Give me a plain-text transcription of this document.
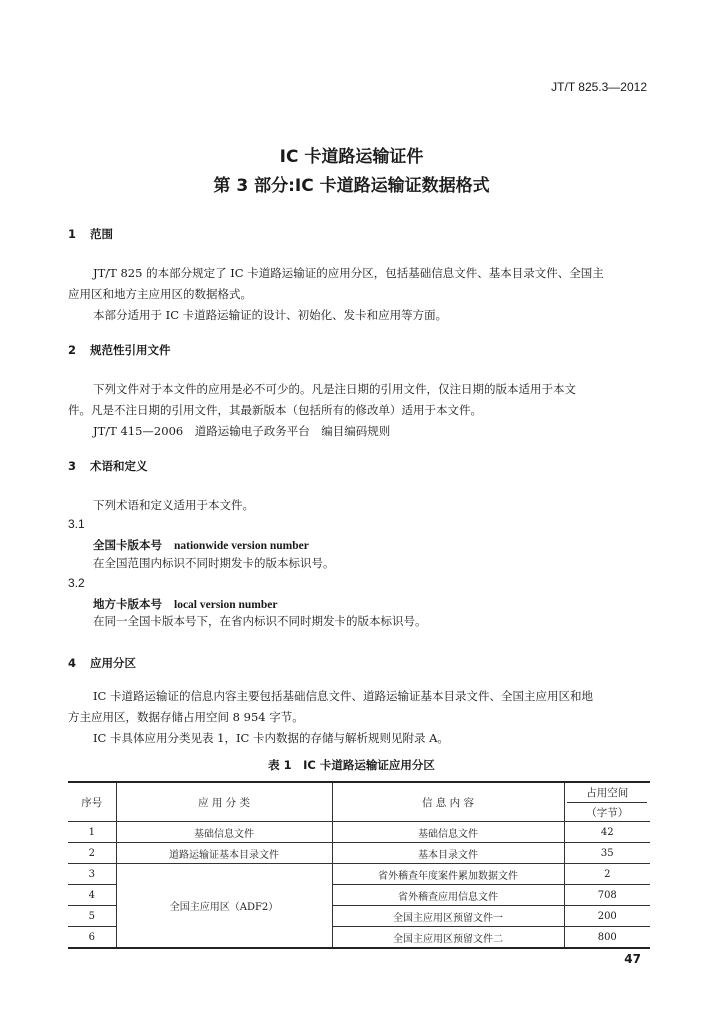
JT/T 825.3—2012
IC 卡道路运输证件
第 3 部分:IC 卡道路运输证数据格式
1 范围
JT/T 825 的本部分规定了 IC 卡道路运输证的应用分区，包括基础信息文件、基本目录文件、全国主
应用区和地方主应用区的数据格式。
本部分适用于 IC 卡道路运输证的设计、初始化、发卡和应用等方面。
2 规范性引用文件
下列文件对于本文件的应用是必不可少的。凡是注日期的引用文件，仅注日期的版本适用于本文
件。凡是不注日期的引用文件，其最新版本（包括所有的修改单）适用于本文件。
JT/T 415—2006　道路运输电子政务平台　编目编码规则
3 术语和定义
下列术语和定义适用于本文件。
3.1
全国卡版本号 nationwide version number
在全国范围内标识不同时期发卡的版本标识号。
3.2
地方卡版本号 local version number
在同一全国卡版本号下，在省内标识不同时期发卡的版本标识号。
4 应用分区
IC 卡道路运输证的信息内容主要包括基础信息文件、道路运输证基本目录文件、全国主应用区和地
方主应用区，数据存储占用空间 8 954 字节。
IC 卡具体应用分类见表 1，IC 卡内数据的存储与解析规则见附录 A。
表 1　IC 卡道路运输证应用分区
序号	应 用 分 类	信 息 内 容	占用空间
（字节）
1	基础信息文件	基础信息文件	42
2	道路运输证基本目录文件	基本目录文件	35
3	全国主应用区（ADF2）	省外稽查年度案件累加数据文件	2
4		省外稽查应用信息文件	708
5		全国主应用区预留文件一	200
6		全国主应用区预留文件二	800
47
